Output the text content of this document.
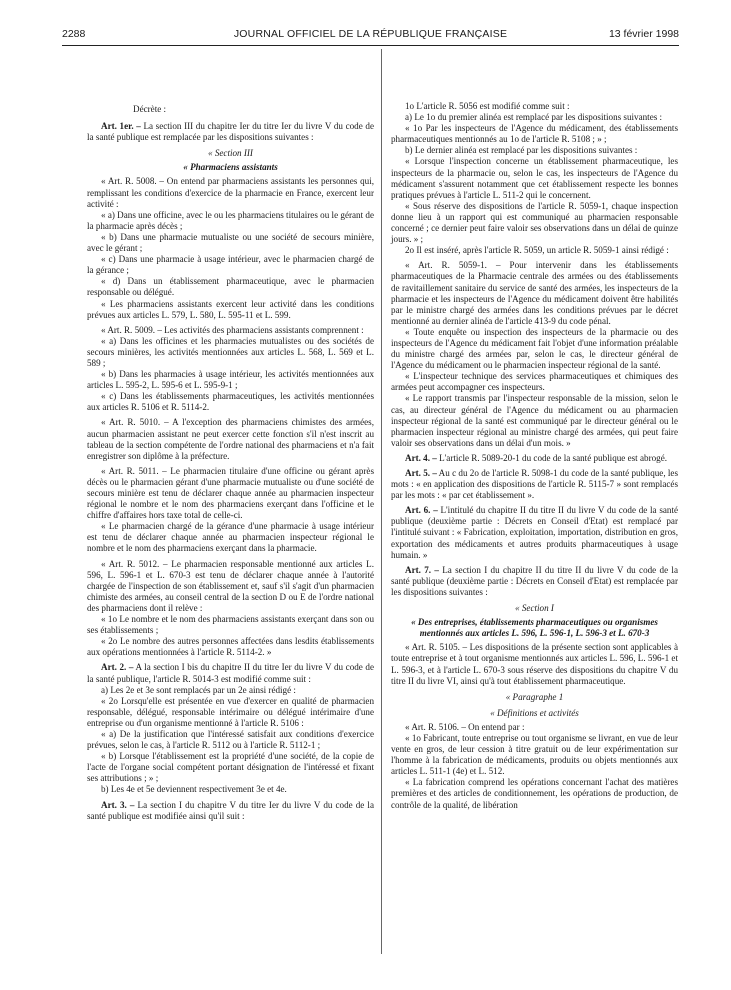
2288	JOURNAL OFFICIEL DE LA RÉPUBLIQUE FRANÇAISE	13 février 1998

Décrète :

Art. 1er. – La section III du chapitre Ier du titre Ier du livre V du code de la santé publique est remplacée par les dispositions suivantes :

« Section III

« Pharmaciens assistants

« Art. R. 5008. – On entend par pharmaciens assistants les personnes qui, remplissant les conditions d'exercice de la pharmacie en France, exercent leur activité :

« a) Dans une officine, avec le ou les pharmaciens titulaires ou le gérant de la pharmacie après décès ;

« b) Dans une pharmacie mutualiste ou une société de secours minière, avec le gérant ;

« c) Dans une pharmacie à usage intérieur, avec le pharmacien chargé de la gérance ;

« d) Dans un établissement pharmaceutique, avec le pharmacien responsable ou délégué.

« Les pharmaciens assistants exercent leur activité dans les conditions prévues aux articles L. 579, L. 580, L. 595-11 et L. 599.

« Art. R. 5009. – Les activités des pharmaciens assistants comprennent :

« a) Dans les officines et les pharmacies mutualistes ou des sociétés de secours minières, les activités mentionnées aux articles L. 568, L. 569 et L. 589 ;

« b) Dans les pharmacies à usage intérieur, les activités mentionnées aux articles L. 595-2, L. 595-6 et L. 595-9-1 ;

« c) Dans les établissements pharmaceutiques, les activités mentionnées aux articles R. 5106 et R. 5114-2.

« Art. R. 5010. – A l'exception des pharmaciens chimistes des armées, aucun pharmacien assistant ne peut exercer cette fonction s'il n'est inscrit au tableau de la section compétente de l'ordre national des pharmaciens et n'a fait enregistrer son diplôme à la préfecture.

« Art. R. 5011. – Le pharmacien titulaire d'une officine ou gérant après décès ou le pharmacien gérant d'une pharmacie mutualiste ou d'une société de secours minière est tenu de déclarer chaque année au pharmacien inspecteur régional le nombre et le nom des pharmaciens exerçant dans l'officine et le chiffre d'affaires hors taxe total de celle-ci.

« Le pharmacien chargé de la gérance d'une pharmacie à usage intérieur est tenu de déclarer chaque année au pharmacien inspecteur régional le nombre et le nom des pharmaciens exerçant dans la pharmacie.

« Art. R. 5012. – Le pharmacien responsable mentionné aux articles L. 596, L. 596-1 et L. 670-3 est tenu de déclarer chaque année à l'autorité chargée de l'inspection de son établissement et, sauf s'il s'agit d'un pharmacien chimiste des armées, au conseil central de la section D ou E de l'ordre national des pharmaciens dont il relève :

« 1o Le nombre et le nom des pharmaciens assistants exerçant dans son ou ses établissements ;

« 2o Le nombre des autres personnes affectées dans lesdits établissements aux opérations mentionnées à l'article R. 5114-2. »

Art. 2. – A la section I bis du chapitre II du titre Ier du livre V du code de la santé publique, l'article R. 5014-3 est modifié comme suit :

a) Les 2e et 3e sont remplacés par un 2e ainsi rédigé :

« 2o Lorsqu'elle est présentée en vue d'exercer en qualité de pharmacien responsable, délégué, responsable intérimaire ou délégué intérimaire d'une entreprise ou d'un organisme mentionné à l'article R. 5106 :

« a) De la justification que l'intéressé satisfait aux conditions d'exercice prévues, selon le cas, à l'article R. 5112 ou à l'article R. 5112-1 ;

« b) Lorsque l'établissement est la propriété d'une société, de la copie de l'acte de l'organe social compétent portant désignation de l'intéressé et fixant ses attributions ; » ;

b) Les 4e et 5e deviennent respectivement 3e et 4e.

Art. 3. – La section I du chapitre V du titre Ier du livre V du code de la santé publique est modifiée ainsi qu'il suit :

1o L'article R. 5056 est modifié comme suit :

a) Le 1o du premier alinéa est remplacé par les dispositions suivantes :

« 1o Par les inspecteurs de l'Agence du médicament, des établissements pharmaceutiques mentionnés au 1o de l'article R. 5108 ; » ;

b) Le dernier alinéa est remplacé par les dispositions suivantes :

« Lorsque l'inspection concerne un établissement pharmaceutique, les inspecteurs de la pharmacie ou, selon le cas, les inspecteurs de l'Agence du médicament s'assurent notamment que cet établissement respecte les bonnes pratiques prévues à l'article L. 511-2 qui le concernent.

« Sous réserve des dispositions de l'article R. 5059-1, chaque inspection donne lieu à un rapport qui est communiqué au pharmacien responsable concerné ; ce dernier peut faire valoir ses observations dans un délai de quinze jours. » ;

2o Il est inséré, après l'article R. 5059, un article R. 5059-1 ainsi rédigé :

« Art. R. 5059-1. – Pour intervenir dans les établissements pharmaceutiques de la Pharmacie centrale des armées ou des établissements de ravitaillement sanitaire du service de santé des armées, les inspecteurs de la pharmacie et les inspecteurs de l'Agence du médicament doivent être habilités par le ministre chargé des armées dans les conditions prévues par le décret mentionné au dernier alinéa de l'article 413-9 du code pénal.

« Toute enquête ou inspection des inspecteurs de la pharmacie ou des inspecteurs de l'Agence du médicament fait l'objet d'une information préalable du ministre chargé des armées par, selon le cas, le directeur général de l'Agence du médicament ou le pharmacien inspecteur régional de la santé.

« L'inspecteur technique des services pharmaceutiques et chimiques des armées peut accompagner ces inspecteurs.

« Le rapport transmis par l'inspecteur responsable de la mission, selon le cas, au directeur général de l'Agence du médicament ou au pharmacien inspecteur régional de la santé est communiqué par le directeur général ou le pharmacien inspecteur régional au ministre chargé des armées, qui peut faire valoir ses observations dans un délai d'un mois. »

Art. 4. – L'article R. 5089-20-1 du code de la santé publique est abrogé.

Art. 5. – Au c du 2o de l'article R. 5098-1 du code de la santé publique, les mots : « en application des dispositions de l'article R. 5115-7 » sont remplacés par les mots : « par cet établissement ».

Art. 6. – L'intitulé du chapitre II du titre II du livre V du code de la santé publique (deuxième partie : Décrets en Conseil d'Etat) est remplacé par l'intitulé suivant : « Fabrication, exploitation, importation, distribution en gros, exportation des médicaments et autres produits pharmaceutiques à usage humain. »

Art. 7. – La section I du chapitre II du titre II du livre V du code de la santé publique (deuxième partie : Décrets en Conseil d'Etat) est remplacée par les dispositions suivantes :

« Section I

« Des entreprises, établissements pharmaceutiques ou organismes mentionnés aux articles L. 596, L. 596-1, L. 596-3 et L. 670-3

« Art. R. 5105. – Les dispositions de la présente section sont applicables à toute entreprise et à tout organisme mentionnés aux articles L. 596, L. 596-1 et L. 596-3, et à l'article L. 670-3 sous réserve des dispositions du chapitre V du titre II du livre VI, ainsi qu'à tout établissement pharmaceutique.

« Paragraphe 1

« Définitions et activités

« Art. R. 5106. – On entend par :

« 1o Fabricant, toute entreprise ou tout organisme se livrant, en vue de leur vente en gros, de leur cession à titre gratuit ou de leur expérimentation sur l'homme à la fabrication de médicaments, produits ou objets mentionnés aux articles L. 511-1 (4e) et L. 512.

« La fabrication comprend les opérations concernant l'achat des matières premières et des articles de conditionnement, les opérations de production, de contrôle de la qualité, de libération
